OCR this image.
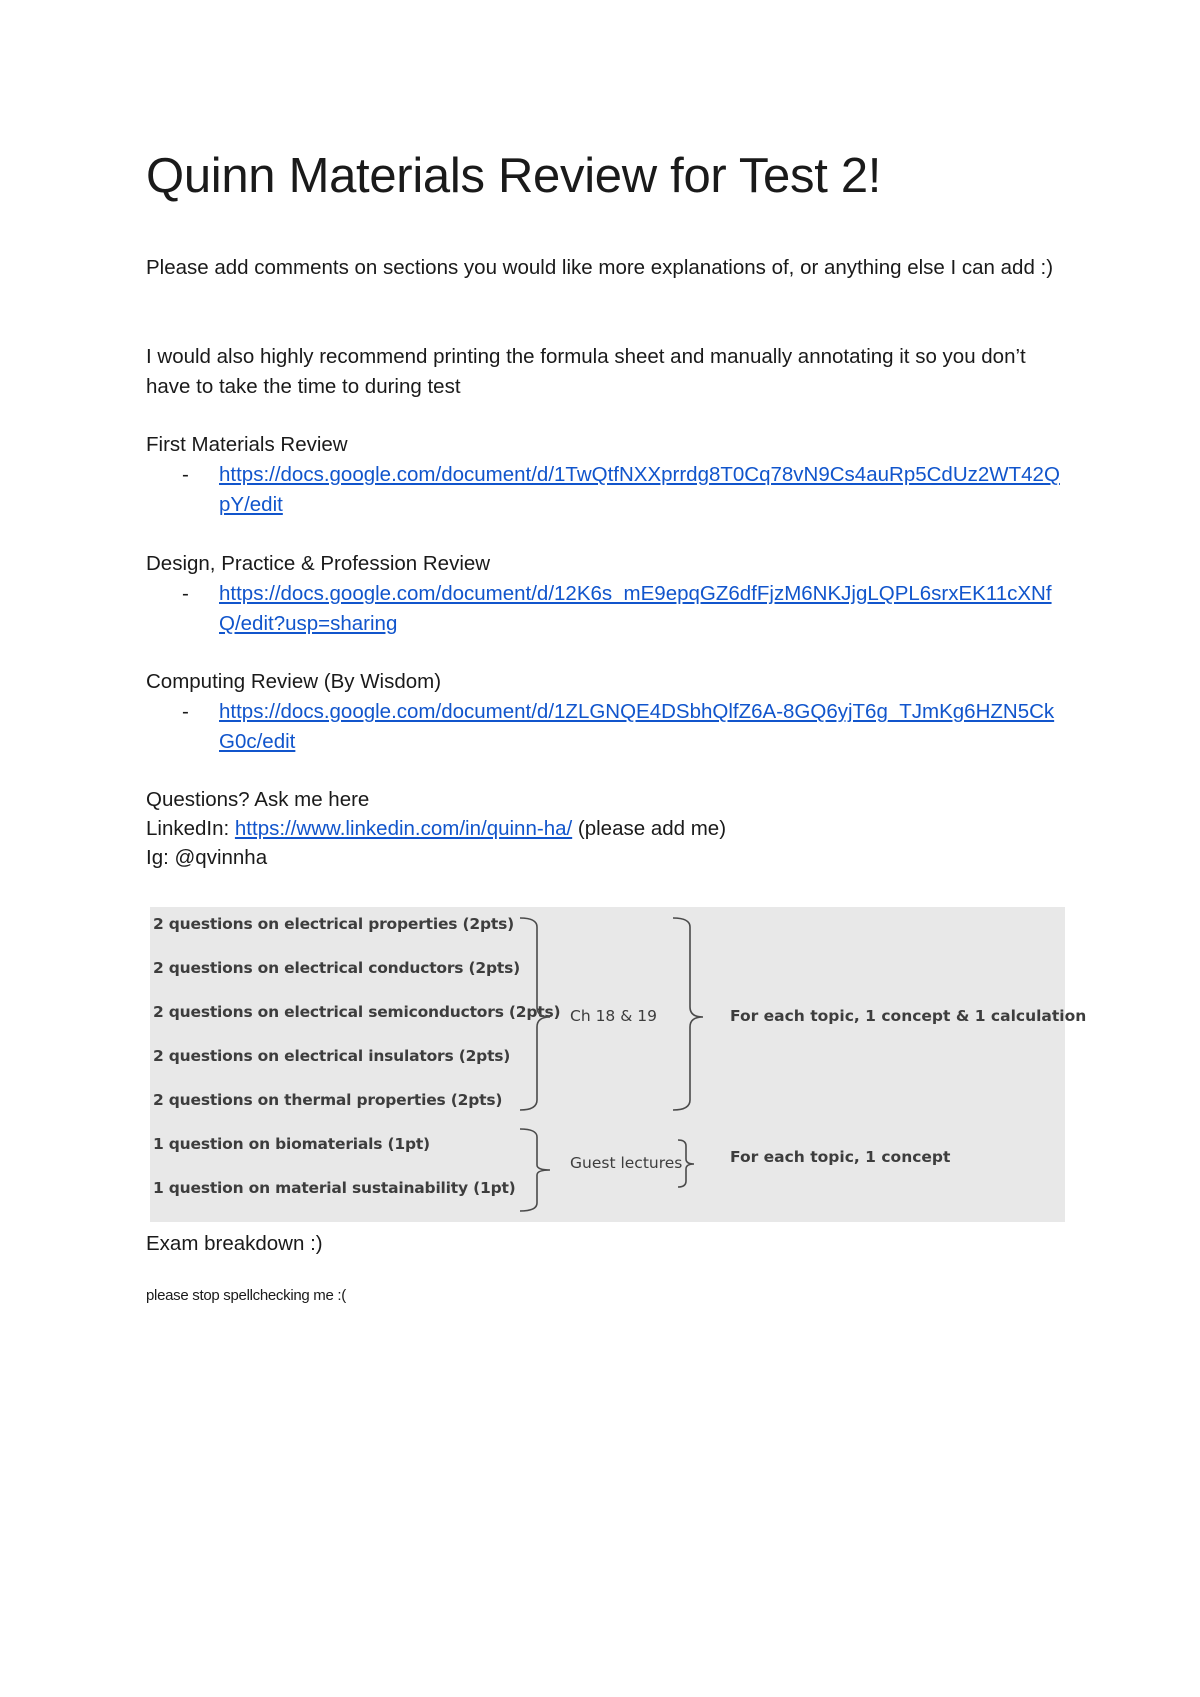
Quinn Materials Review for Test 2!

Please add comments on sections you would like more explanations of, or anything else I can add :)

I would also highly recommend printing the formula sheet and manually annotating it so you don’t have to take the time to during test

First Materials Review
- https://docs.google.com/document/d/1TwQtfNXXprrdg8T0Cq78vN9Cs4auRp5CdUz2WT42QpY/edit
Design, Practice & Profession Review
- https://docs.google.com/document/d/12K6s_mE9epqGZ6dfFjzM6NKJjgLQPL6srxEK11cXNfQ/edit?usp=sharing
Computing Review (By Wisdom)
- https://docs.google.com/document/d/1ZLGNQE4DSbhQlfZ6A-8GQ6yjT6g_TJmKg6HZN5CkG0c/edit
Questions? Ask me here
LinkedIn: https://www.linkedin.com/in/quinn-ha/ (please add me)
Ig: @qvinnha
Exam breakdown :)
please stop spellchecking me :(
2 questions on electrical properties (2pts)
2 questions on electrical conductors (2pts)
2 questions on electrical semiconductors (2pts)
2 questions on electrical insulators (2pts)
2 questions on thermal properties (2pts)
1 question on biomaterials (1pt)
1 question on material sustainability (1pt)
Ch 18 & 19	For each topic, 1 concept & 1 calculation
Guest lectures	For each topic, 1 concept
